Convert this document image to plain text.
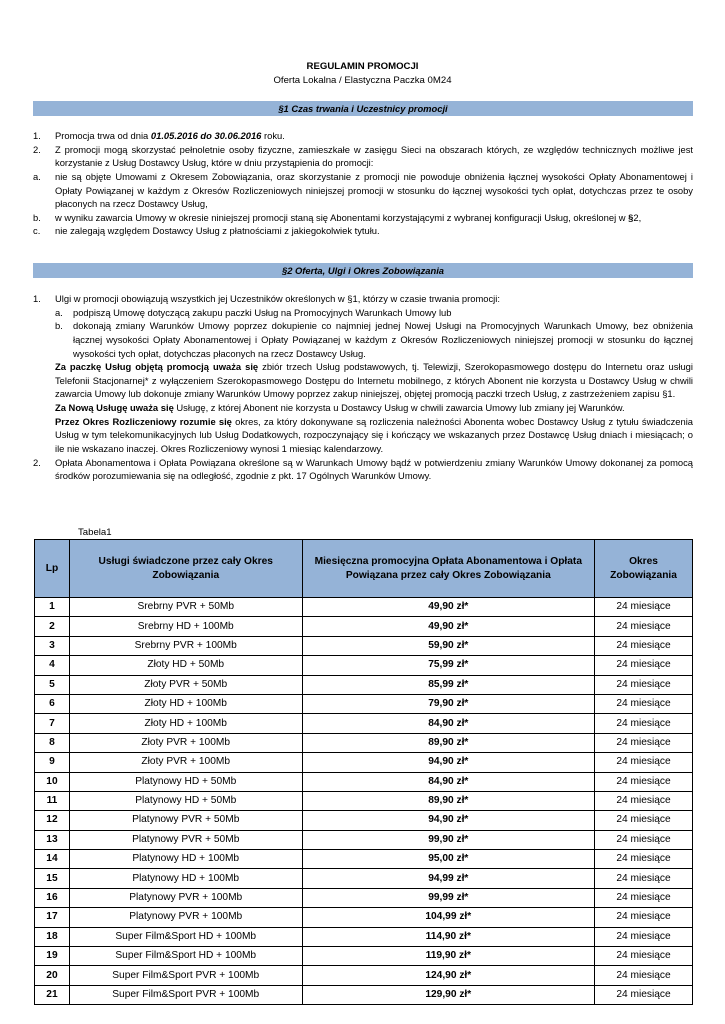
REGULAMIN PROMOCJI
Oferta Lokalna / Elastyczna Paczka 0M24
§1 Czas trwania i Uczestnicy promocji
1.	Promocja trwa od dnia 01.05.2016 do 30.06.2016 roku.
2.	Z promocji mogą skorzystać pełnoletnie osoby fizyczne, zamieszkałe w zasięgu Sieci na obszarach których, ze względów technicznych możliwe jest korzystanie z Usług Dostawcy Usług, które w dniu przystąpienia do promocji:
a.	nie są objęte Umowami z Okresem Zobowiązania, oraz skorzystanie z promocji nie powoduje obniżenia łącznej wysokości Opłaty Abonamentowej i Opłaty Powiązanej w każdym z Okresów Rozliczeniowych niniejszej promocji w stosunku do łącznej wysokości tych opłat, dotychczas przez te osoby płaconych na rzecz Dostawcy Usług,
b.	w wyniku zawarcia Umowy w okresie niniejszej promocji staną się Abonentami korzystającymi z wybranej konfiguracji Usług, określonej w §2,
c.	nie zalegają względem Dostawcy Usług z płatnościami z jakiegokolwiek tytułu.
§2 Oferta, Ulgi i Okres Zobowiązania
1.	Ulgi w promocji obowiązują wszystkich jej Uczestników określonych w §1, którzy w czasie trwania promocji:
a.	podpiszą Umowę dotyczącą zakupu paczki Usług na Promocyjnych Warunkach Umowy lub
b.	dokonają zmiany Warunków Umowy poprzez dokupienie co najmniej jednej Nowej Usługi na Promocyjnych Warunkach Umowy, bez obniżenia łącznej wysokości Opłaty Abonamentowej i Opłaty Powiązanej w każdym z Okresów Rozliczeniowych niniejszej promocji w stosunku do łącznej wysokości tych opłat, dotychczas płaconych na rzecz Dostawcy Usług.
Za paczkę Usług objętą promocją uważa się zbiór trzech Usług podstawowych, tj. Telewizji, Szerokopasmowego dostępu do Internetu oraz usługi Telefonii Stacjonarnej* z wyłączeniem Szerokopasmowego Dostępu do Internetu mobilnego, z których Abonent nie korzysta u Dostawcy Usług w chwili zawarcia Umowy lub dokonuje zmiany Warunków Umowy poprzez zakup niniejszej, objętej promocją paczki trzech Usług, z zastrzeżeniem zapisu §1.
Za Nową Usługę uważa się Usługę, z której Abonent nie korzysta u Dostawcy Usług w chwili zawarcia Umowy lub zmiany jej Warunków.
Przez Okres Rozliczeniowy rozumie się okres, za który dokonywane są rozliczenia należności Abonenta wobec Dostawcy Usług z tytułu świadczenia Usług w tym telekomunikacyjnych lub Usług Dodatkowych, rozpoczynający się i kończący we wskazanych przez Dostawcę Usług dniach i miesiącach; o ile nie wskazano inaczej. Okres Rozliczeniowy wynosi 1 miesiąc kalendarzowy.
2.	Opłata Abonamentowa i Opłata Powiązana określone są w Warunkach Umowy bądź w potwierdzeniu zmiany Warunków Umowy dokonanej za pomocą środków porozumiewania się na odległość, zgodnie z pkt. 17 Ogólnych Warunków Umowy.
Tabela1
Lp	Usługi świadczone przez cały Okres Zobowiązania	Miesięczna promocyjna Opłata Abonamentowa i Opłata Powiązana przez cały Okres Zobowiązania	Okres Zobowiązania
1	Srebrny PVR + 50Mb	49,90 zł*	24 miesiące
2	Srebrny HD + 100Mb	49,90 zł*	24 miesiące
3	Srebrny PVR + 100Mb	59,90 zł*	24 miesiące
4	Złoty HD + 50Mb	75,99 zł*	24 miesiące
5	Złoty PVR + 50Mb	85,99 zł*	24 miesiące
6	Złoty HD + 100Mb	79,90 zł*	24 miesiące
7	Złoty HD + 100Mb	84,90 zł*	24 miesiące
8	Złoty PVR + 100Mb	89,90 zł*	24 miesiące
9	Złoty PVR + 100Mb	94,90 zł*	24 miesiące
10	Platynowy HD + 50Mb	84,90 zł*	24 miesiące
11	Platynowy HD + 50Mb	89,90 zł*	24 miesiące
12	Platynowy PVR + 50Mb	94,90 zł*	24 miesiące
13	Platynowy PVR + 50Mb	99,90 zł*	24 miesiące
14	Platynowy HD + 100Mb	95,00 zł*	24 miesiące
15	Platynowy HD + 100Mb	94,99 zł*	24 miesiące
16	Platynowy PVR + 100Mb	99,99 zł*	24 miesiące
17	Platynowy PVR + 100Mb	104,99 zł*	24 miesiące
18	Super Film&Sport HD + 100Mb	114,90 zł*	24 miesiące
19	Super Film&Sport HD + 100Mb	119,90 zł*	24 miesiące
20	Super Film&Sport PVR + 100Mb	124,90 zł*	24 miesiące
21	Super Film&Sport PVR + 100Mb	129,90 zł*	24 miesiące
